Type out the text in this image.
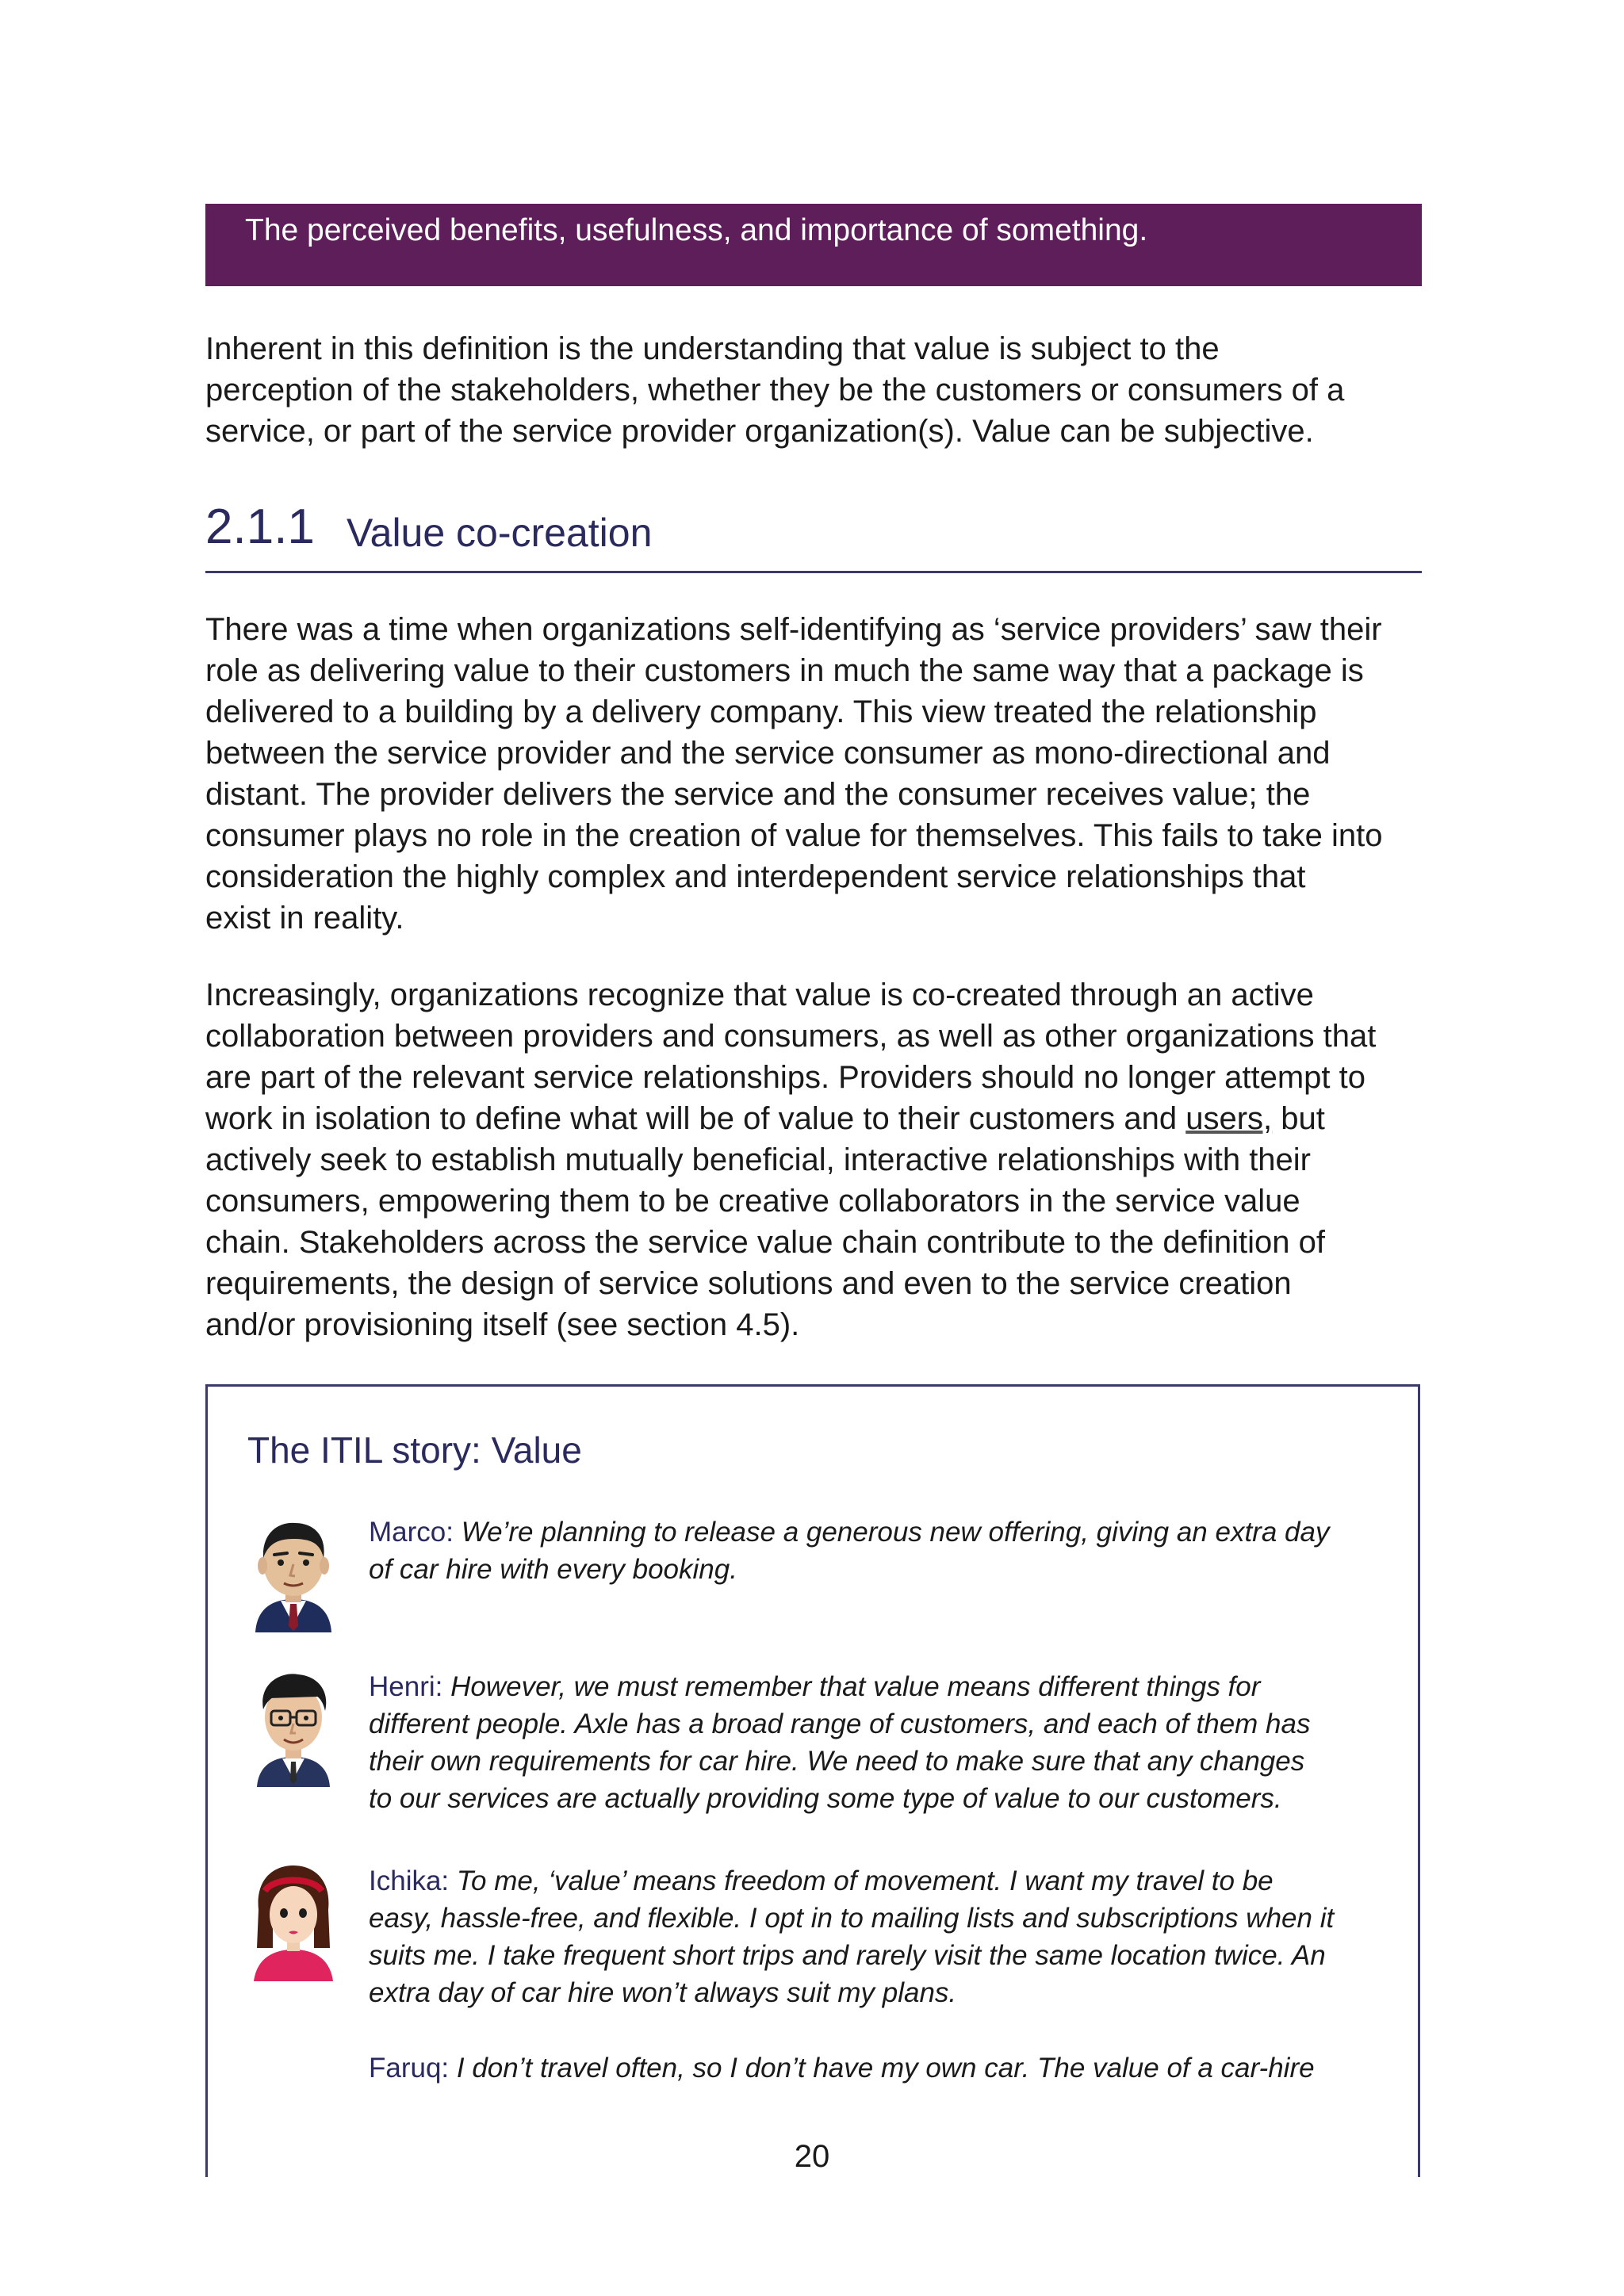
The perceived benefits, usefulness, and importance of something.
Inherent in this definition is the understanding that value is subject to the
perception of the stakeholders, whether they be the customers or consumers of a
service, or part of the service provider organization(s). Value can be subjective.
2.1.1 Value co-creation
There was a time when organizations self-identifying as ‘service providers’ saw their
role as delivering value to their customers in much the same way that a package is
delivered to a building by a delivery company. This view treated the relationship
between the service provider and the service consumer as mono-directional and
distant. The provider delivers the service and the consumer receives value; the
consumer plays no role in the creation of value for themselves. This fails to take into
consideration the highly complex and interdependent service relationships that
exist in reality.
Increasingly, organizations recognize that value is co-created through an active
collaboration between providers and consumers, as well as other organizations that
are part of the relevant service relationships. Providers should no longer attempt to
work in isolation to define what will be of value to their customers and users, but
actively seek to establish mutually beneficial, interactive relationships with their
consumers, empowering them to be creative collaborators in the service value
chain. Stakeholders across the service value chain contribute to the definition of
requirements, the design of service solutions and even to the service creation
and/or provisioning itself (see section 4.5).
The ITIL story: Value
Marco: We’re planning to release a generous new offering, giving an extra day
of car hire with every booking.
Henri: However, we must remember that value means different things for
different people. Axle has a broad range of customers, and each of them has
their own requirements for car hire. We need to make sure that any changes
to our services are actually providing some type of value to our customers.
Ichika: To me, ‘value’ means freedom of movement. I want my travel to be
easy, hassle-free, and flexible. I opt in to mailing lists and subscriptions when it
suits me. I take frequent short trips and rarely visit the same location twice. An
extra day of car hire won’t always suit my plans.
Faruq: I don’t travel often, so I don’t have my own car. The value of a car-hire
20
